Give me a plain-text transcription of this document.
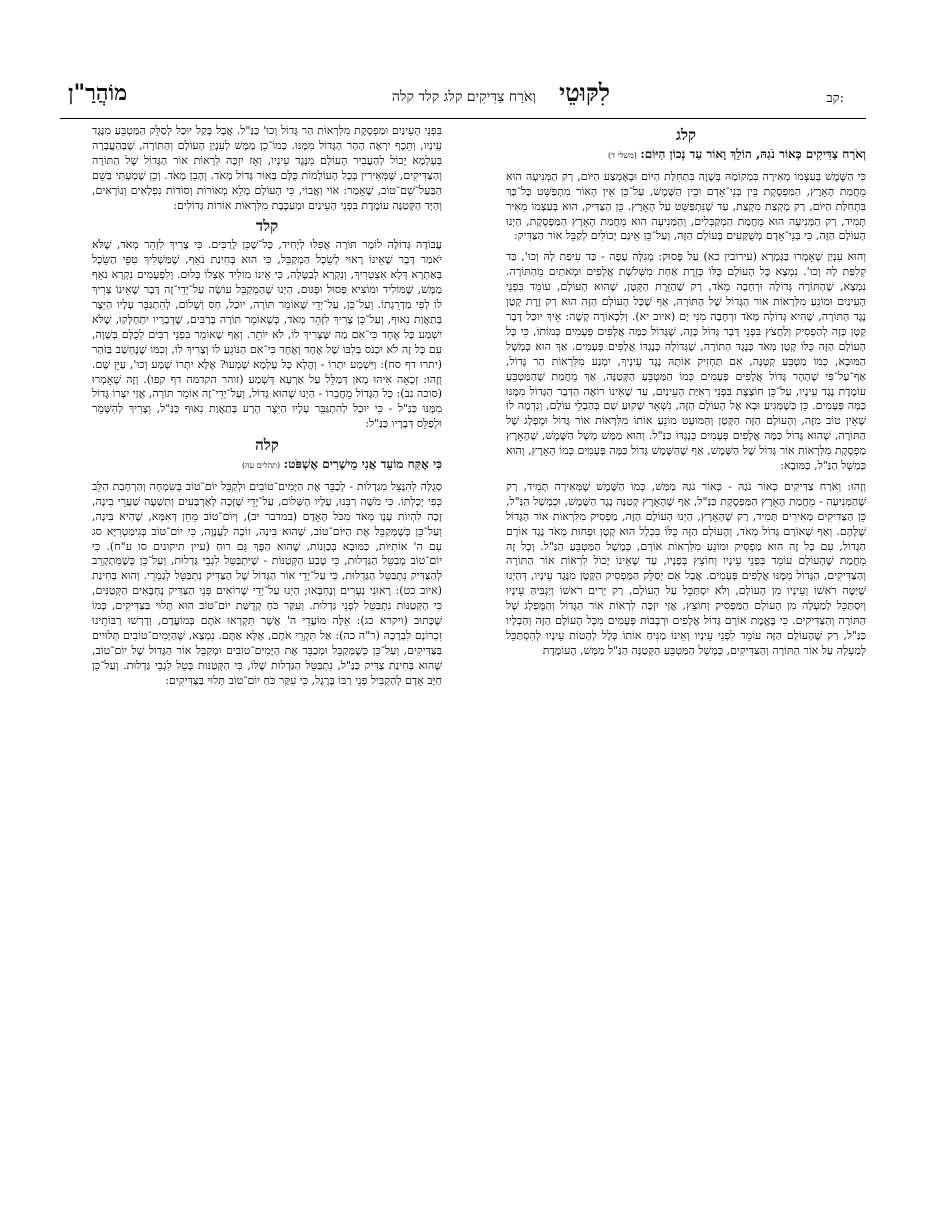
קב:
לִקּוּטֵי
וְאֹרַח צַדִּיקִים קלג קלד קלה
מוֹהֲרַ"ן
קלג

וְאֹרַח צַדִּיקִים כְּאוֹר נֹגַהּ, הוֹלֵךְ וָאוֹר עַד נְכוֹן הַיּוֹם: (משלי ד)

כִּי הַשֶּׁמֶשׁ בְּעַצְמוֹ מְאִירָה בִּמְקוֹמָהּ בְּשָׁוֶה בִּתְחִלַּת הַיּוֹם וּבְאֶמְצַע הַיּוֹם, רַק הַמְּנִיעָה הוּא מֵחֲמַת הָאָרֶץ, הַמַּפְסֶקֶת בֵּין בְּנֵי־אָדָם וּבֵין הַשֶּׁמֶשׁ, עַל־כֵּן אֵין הָאוֹר מִתְפַּשֵּׁט כָּל־כָּךְ בִּתְחִלַּת הַיּוֹם, רַק מְקְצַת מִקְצַת, עַד שֶׁנִּתְפַּשֵּׁט עַל הָאָרֶץ. כֵּן הַצַּדִּיק, הוּא בְּעַצְמוֹ מֵאִיר תָּמִיד, רַק הַמְּנִיעָה הוּא מֵחֲמַת הַמְקַבְּלִים, וְהַמְּנִיעָה הוּא מֵחֲמַת הָאָרֶץ הַמַּפְסֶקֶת, הַיְנוּ הָעוֹלָם הַזֶּה, כִּי בְּנֵי־אָדָם מְשֻׁקָּעִים בָּעוֹלָם הַזֶּה, וְעַל־כֵּן אֵינָם יְכוֹלִים לְקַבֵּל אוֹר הַצַּדִּיק:

וְהוּא עִנְיַן שֶׁאָמְרוּ בַּגְּמָרָא (עירובין כא) עַל פָּסוּק: מְגִלָּה עָפָה - כַּד עִיפַת לָהּ וְכוּ', כַּד קְלִפַּת לָהּ וְכוּ'. נִמְצָא כָּל הָעוֹלָם כֻּלּוֹ כְּזֵרֶת אַחַת מִשְּׁלֹשֶׁת אֲלָפִים וּמָאתַיִם מֵהַתּוֹרָה. נִמְצָא, שֶׁהַתּוֹרָה גְּדוֹלָה וּרְחָבָה מְאֹד, רַק שֶׁהַזֵּרֶת הַקָּטָן, שֶׁהוּא הָעוֹלָם, עוֹמֵד בִּפְנֵי הָעֵינַיִם וּמוֹנֵעַ מִלִּרְאוֹת אוֹר הַגָּדוֹל שֶׁל הַתּוֹרָה, אַף שֶׁכָּל הָעוֹלָם הַזֶּה הוּא רַק זֶרֶת קָטָן נֶגֶד הַתּוֹרָה, שֶׁהִיא גְּדוֹלָה מְאֹד וּרְחָבָה מִנִּי יָם (איוב יא). וְלִכְאוֹרָה קָשֶׁה: אֵיךְ יוּכַל דָּבָר קָטָן כָּזֶה לְהַפְסִיק וְלַחֲצֹץ בִּפְנֵי דָּבָר גָּדוֹל כָּזֶה, שֶׁגָּדוֹל כַּמָּה אֲלָפִים פְּעָמִים כְּמוֹתוֹ, כִּי כָּל הָעוֹלָם הַזֶּה כֻּלּוֹ קָטָן מְאֹד כְּנֶגֶד הַתּוֹרָה, שֶׁגְּדוֹלָה כְּנֶגְדּוֹ אֲלָפִים פְּעָמִים. אַךְ הוּא כְּמָשָׁל הַמּוּבָא, כְּמוֹ מַטְבֵּעַ קְטַנָּה, אִם תַּחְזִיק אוֹתָהּ נֶגֶד עֵינֶיךָ, יִמְנַע מִלִּרְאוֹת הַר גָּדוֹל, אַף־עַל־פִּי שֶׁהָהָר גָּדוֹל אֲלָפִים פְּעָמִים כְּמוֹ הַמַּטְבֵּעַ הַקְּטַנָּה, אַךְ מֵחֲמַת שֶׁהַמַּטְבֵּעַ עוֹמֶדֶת נֶגֶד עֵינָיו, עַל־כֵּן חוֹצֶצֶת בִּפְנֵי רְאִיַּת הָעֵינַיִם, עַד שֶׁאֵינוֹ רוֹאֶה הַדָּבָר הַגָּדוֹל מִמֶּנּוּ כַּמָּה פְּעָמִים. כֵּן כְּשֶׁמַּגִּיעַ וּבָא אֶל הָעוֹלָם הַזֶּה, נִשְׁאָר שָׁקוּעַ שָׁם בְּהַבְלֵי עוֹלָם, וְנִדְמֶה לוֹ שֶׁאֵין טוֹב מִזֶּה, וְהָעוֹלָם הַזֶּה הַקָּטָן וְהַמּוּעָט מוֹנֵעַ אוֹתוֹ מִלִּרְאוֹת אוֹר גָּדוֹל וּמֻפְלָג שֶׁל הַתּוֹרָה, שֶׁהוּא גָּדוֹל כַּמָּה אֲלָפִים פְּעָמִים כְּנֶגְדּוֹ כַּנַּ"ל. וְהוּא מַמָּשׁ מָשָׁל הַשֶּׁמֶשׁ, שֶׁהָאָרֶץ מַפְסֶקֶת מִלִּרְאוֹת אוֹר גָּדוֹל שֶׁל הַשֶּׁמֶשׁ, אַף שֶׁהַשֶּׁמֶשׁ גָּדוֹל כַּמָּה פְּעָמִים כְּמוֹ הָאָרֶץ, וְהוּא כְּמָשָׁל הַנַּ"ל, כַּמּוּבָא:

וְזֶהוּ: וְאֹרַח צַדִּיקִים כְּאוֹר נֹגַהּ - כְּאוֹר נֹגַהּ מַמָּשׁ, כְּמוֹ הַשֶּׁמֶשׁ שֶׁמְּאִירָה תָּמִיד, רַק שֶׁהַמְּנִיעָה - מֵחֲמַת הָאָרֶץ הַמַּפְסֶקֶת כַּנַּ"ל, אַף שֶׁהָאָרֶץ קְטַנָּה נֶגֶד הַשֶּׁמֶשׁ, וּכְמָשָׁל הַנַּ"ל, כֵּן הַצַּדִּיקִים מְאִירִים תָּמִיד, רַק שֶׁהָאָרֶץ, הַיְנוּ הָעוֹלָם הַזֶּה, מַפְסִיק מִלִּרְאוֹת אוֹר הַגָּדוֹל שֶׁלָּהֶם. וְאַף שֶׁאוֹרָם גָּדוֹל מְאֹד, וְהָעוֹלָם הַזֶּה כֻּלּוֹ בִּכְלָל הוּא קָטָן וּפָחוּת מְאֹד נֶגֶד אוֹרָם הַגָּדוֹל, עִם כָּל זֶה הוּא מַפְסִיק וּמוֹנֵעַ מִלִּרְאוֹת אוֹרָם, כְּמָשָׁל הַמַּטְבֵּעַ הַנַּ"ל. וְכָל זֶה מֵחֲמַת שֶׁהָעוֹלָם עוֹמֵד בִּפְנֵי עֵינָיו וְחוֹצֵץ בְּפָנָיו, עַד שֶׁאֵינוֹ יָכוֹל לִרְאוֹת אוֹר הַתּוֹרָה וְהַצַּדִּיקִים, הַגָּדוֹל מִמֶּנּוּ אֲלָפִים פְּעָמִים. אֲבָל אִם יְסַלֵּק הַמַּפְסִיק הַקָּטָן מִנֶּגֶד עֵינָיו, דְּהַיְנוּ שֶׁיַּטֶּה רֹאשׁוֹ וְעֵינָיו מִן הָעוֹלָם, וְלֹא יִסְתַּכֵּל עַל הָעוֹלָם, רַק יָרִים רֹאשׁוֹ וְיַגְבִּיהַּ עֵינָיו וְיִסְתַּכֵּל לְמַעְלָה מִן הָעוֹלָם הַמַּפְסִיק וְחוֹצֵץ, אֲזַי יִזְכֶּה לִרְאוֹת אוֹר הַגָּדוֹל וְהַמֻּפְלָג שֶׁל הַתּוֹרָה וְהַצַּדִּיקִים. כִּי בֶּאֱמֶת אוֹרָם גָּדוֹל אֲלָפִים וּרְבָבוֹת פְּעָמִים מִכָּל הָעוֹלָם הַזֶּה וְהַבְלָיו כַּנַּ"ל, רַק שֶׁהָעוֹלָם הַזֶּה עוֹמֵד לִפְנֵי עֵינָיו וְאֵינוֹ מַנִּיחַ אוֹתוֹ כְּלָל לְהָטוֹת עֵינָיו לְהִסְתַּכֵּל לְמַעְלָה עַל אוֹר הַתּוֹרָה וְהַצַּדִּיקִים, כְּמָשָׁל הַמַּטְבֵּעַ הַקְּטַנָּה הַנַּ"ל מַמָּשׁ, הָעוֹמֶדֶת

בִּפְנֵי הָעֵינַיִם וּמַפְסֶקֶת מִלִּרְאוֹת הַר גָּדוֹל וְכוּ' כַּנַּ"ל. אֲבָל בְּקַל יוּכַל לְסַלֵּק הַמַּטְבֵּעַ מִנֶּגֶד עֵינָיו, וְתֵכֶף יִרְאֶה הָהָר הַגָּדוֹל מִמֶּנּוּ. כְּמוֹ־כֵן מַמָּשׁ לְעִנְיַן הָעוֹלָם וְהַתּוֹרָה, שֶׁבְּהַעֲבָרָה בְּעָלְמָא יָכוֹל לְהַעֲבִיר הָעוֹלָם מִנֶּגֶד עֵינָיו, וְאָז יִזְכֶּה לִרְאוֹת אוֹר הַגָּדוֹל שֶׁל הַתּוֹרָה וְהַצַּדִּיקִים, שֶׁמְּאִירִין בְּכָל הָעוֹלָמוֹת כֻּלָּם בְּאוֹר גָּדוֹל מְאֹד. וְהָבֵן מְאֹד. וְכֵן שָׁמַעְתִּי בְּשֵׁם הַבַּעַל־שֵׁם־טוֹב, שֶׁאָמַר: אוֹי וַאֲבוֹי, כִּי הָעוֹלָם מָלֵא מְאוֹרוֹת וְסוֹדוֹת נִפְלָאִים וְנוֹרָאִים, וְהַיָּד הַקְּטַנָּה עוֹמֶדֶת בִּפְנֵי הָעֵינַיִם וּמְעַכֶּבֶת מִלִּרְאוֹת אוֹרוֹת גְּדוֹלִים:

קלד

עֲבוֹדָה גְּדוֹלָה לוֹמַר תּוֹרָה אֲפִלּוּ לְיָחִיד, כָּל־שֶׁכֵּן לָרַבִּים. כִּי צָרִיךְ לִזָּהֵר מְאֹד, שֶׁלֹּא יֹאמַר דָּבָר שֶׁאֵינוֹ רָאוּי לְשֵׂכֶל הַמְקַבֵּל, כִּי הוּא בְּחִינַת נֹאֵף, שֶׁמַּשְׁלִיךְ טִפֵּי הַשֵּׂכֶל בְּאַתְרָא דְּלָא אִצְטְרִיךְ, וְנִקְרָא לְבַטָּלָה, כִּי אֵינוֹ מוֹלִיד אֶצְלוֹ כְּלוּם. וְלִפְעָמִים נִקְרָא נֹאֵף מַמָּשׁ, שֶׁמּוֹלִיד וּמוֹצִיא פְּסוּל וּפְגּוּם, הַיְנוּ שֶׁהַמְקַבֵּל עוֹשֶׂה עַל־יְדֵי־זֶה דָּבָר שֶׁאֵינוֹ צָרִיךְ לוֹ לְפִי מַדְרֵגָתוֹ. וְעַל־כֵּן, עַל־יְדֵי שֶׁאוֹמֵר תּוֹרָה, יוּכַל, חַס וְשָׁלוֹם, לְהִתְגַּבֵּר עָלָיו הַיֵּצֶר בְּתַאֲוַת נִאוּף, וְעַל־כֵּן צָרִיךְ לִזָּהֵר מְאֹד, כְּשֶׁאוֹמֵר תּוֹרָה בָּרַבִּים, שֶׁדְּבָרָיו יִתְחַלְּקוּ, שֶׁלֹּא יִשְׁמַע כָּל אֶחָד כִּי־אִם מַה שֶּׁצָּרִיךְ לוֹ, לֹא יוֹתֵר. וְאַף שֶׁאוֹמֵר בִּפְנֵי רַבִּים לְכֻלָּם בְּשָׁוֶה, עִם כָּל זֶה לֹא יִכְנֹס בְּלִבּוֹ שֶׁל אֶחָד וְאֶחָד כִּי־אִם הַנּוֹגֵעַ לוֹ וְצָרִיךְ לוֹ, וְכִמּוֹ שֶׁנֶּחְשַׁב בַּזֹּהַר (יתרו דף סח): וַיִּשְׁמַע יִתְרוֹ - וְהֲלָא כָּל עָלְמָא שָׁמְעוּ? אֶלָּא יִתְרוֹ שָׁמַע וְכוּ', עַיֵּן שָׁם. וְזֶהוּ: זְכָאָה אִיהוּ מָאן דְּמַלֵּל עַל אַרְעָא דְּשְׁמַע (זוהר הקדמה דף קפו). וְזֶה שֶׁאָמְרוּ (סוכה נב): כָּל הַגָּדוֹל מֵחֲבֵרוֹ - הַיְנוּ שֶׁהוּא גָּדוֹל, וְעַל־יְדֵי־זֶה אוֹמֵר תּוֹרָה, אֲזַי יִצְרוֹ גָּדוֹל מִמֶּנּוּ כַּנַּ"ל - כִּי יוּכַל לְהִתְגַּבֵּר עָלָיו הַיֵּצֶר הָרָע בְּתַאֲוַת נִאוּף כַּנַּ"ל, וְצָרִיךְ לְהִשָּׁמֵר וּלְפַלֵּס דְּבָרָיו כַּנַּ"ל:

קלה

כִּי אֶקַּח מוֹעֵד אֲנִי מֵישָׁרִים אֶשְׁפֹּט: (תהלים עה)

סְגֻלָּה לְהִנָּצֵל מִגַּדְלוּת - לְכַבֵּד אֶת הַיָּמִים־טוֹבִים וּלְקַבֵּל יוֹם־טוֹב בְּשִׂמְחָה וְהַרְחָבַת הַלֵּב כְּפִי יְכָלְתּוֹ. כִּי מֹשֶׁה רַבֵּנוּ, עָלָיו הַשָּׁלוֹם, עַל־יְדֵי שֶׁזָּכָה לְאַרְבָּעִים וְתִשְׁעָה שַׁעֲרֵי בִינָה, זָכָה לִהְיוֹת עָנָו מְאֹד מִכֹּל הָאָדָם (במדבר יב), וְיוֹם־טוֹב מֵחֵן דְּאִמָּא, שֶׁהִיא בִּינָה, וְעַל־כֵּן כְּשֶׁמְּקַבֵּל אֶת הַיּוֹם־טוֹב, שֶׁהוּא בִּינָה, זוֹכֶה לַעֲנָוָה, כִּי יוֹם־טוֹב בְּגִימַטְרִיָּא סג עִם ה' אוֹתִיּוֹת, כַּמּוּבָא בְּכַוָּנוֹת, שֶׁהוּא הַפֶּךְ גֵּם רוּחַ (עיין תיקונים סו ע"ח). כִּי יוֹם־טוֹב מְבַטֵּל הַגַּדְלוּת, כִּי טֶבַע הַקְּטַנּוֹת - שֶׁיִּתְבַּטֵּל לִגְבֵי גַּדְלוּת, וְעַל־כֵּן כְּשֶׁמִּתְקָרֵב לְהַצַּדִּיק נִתְבַּטֵּל הַגַּדְלוּת, כִּי עַל־יְדֵי אוֹר הַגָּדוֹל שֶׁל הַצַּדִּיק נִתְבַּטֵּל לְגַמְרֵי. וְהוּא בְּחִינַת (איוב כט): רָאוּנִי נְעָרִים וְנֶחְבָּאוּ; הַיְנוּ עַל־יְדֵי שֶׁרוֹאִים פְּנֵי הַצַּדִּיק נֶחְבָּאִים הַקְּטַנִּים, כִּי הַקְּטַנּוֹת נִתְבַּטֵּל לִפְנֵי גַּדְלוּת. וְעִקַּר כֹּחַ קְדֻשַּׁת יוֹם־טוֹב הוּא תָּלוּי בַּצַּדִּיקִים, כְּמוֹ שֶׁכָּתוּב (ויקרא כג): אֵלֶּה מוֹעֲדֵי ה' אֲשֶׁר תִּקְרְאוּ אֹתָם בְּמוֹעֲדָם, וְדָרְשׁוּ רַבּוֹתֵינוּ זִכְרוֹנָם לִבְרָכָה (ר"ה כה): אַל תִּקְרֵי אֹתָם, אֶלָּא אַתֶּם. נִמְצָא, שֶׁהַיָּמִים־טוֹבִים תְּלוּיִים בַּצַּדִּיקִים, וְעַל־כֵּן כְּשֶׁמְּקַבֵּל וּמְכַבֵּד אֶת הַיָּמִים־טוֹבִים וּמְקַבֵּל אוֹר הַגָּדוֹל שֶׁל יוֹם־טוֹב, שֶׁהוּא בְּחִינַת צַדִּיק כַּנַּ"ל, נִתְבַּטֵּל הַגַּדְלוּת שֶׁלּוֹ, כִּי הַקְּטַנּוּת בָּטֵל לִגְבֵי גַּדְלוּת. וְעַל־כֵּן חַיָּב אָדָם לְהַקְבִּיל פְּנֵי רַבּוֹ בָּרֶגֶל, כִּי עִקַּר כֹּחַ יוֹם־טוֹב תָּלוּי בַּצַּדִּיקִים:
